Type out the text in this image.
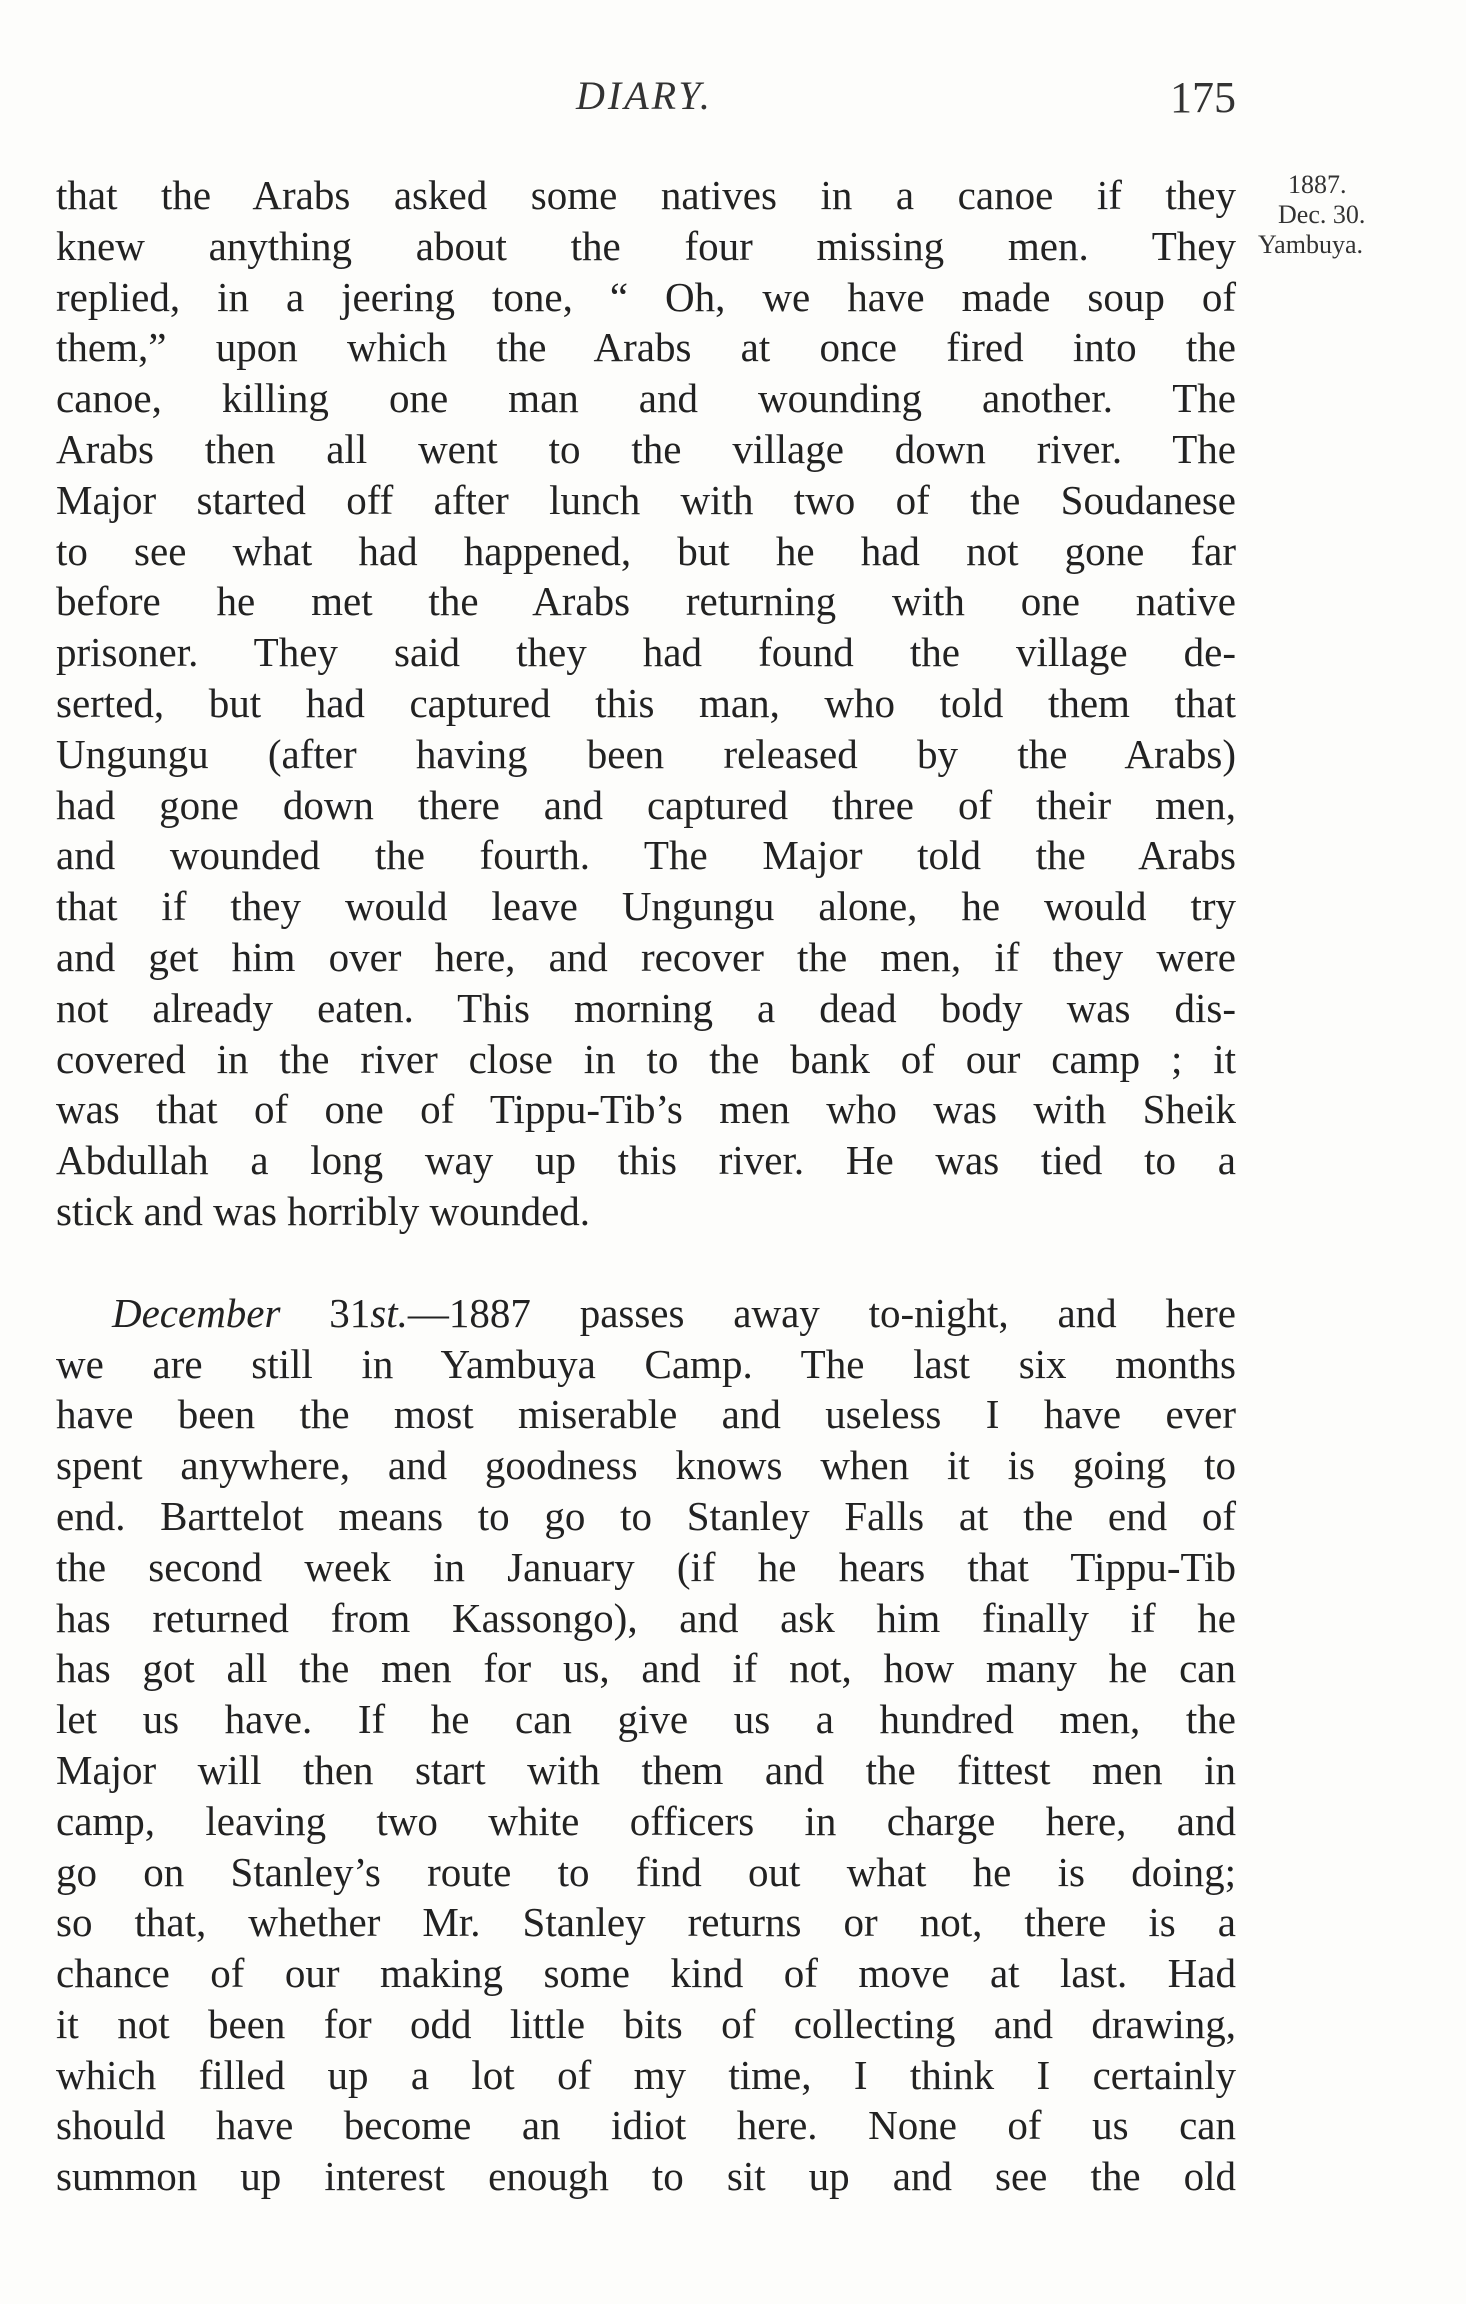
DIARY.	175
1887.
Dec. 30.
Yambuya.
that the Arabs asked some natives in a canoe if they
knew anything about the four missing men. They
replied, in a jeering tone, “ Oh, we have made soup of
them,” upon which the Arabs at once fired into the
canoe, killing one man and wounding another. The
Arabs then all went to the village down river. The
Major started off after lunch with two of the Soudanese
to see what had happened, but he had not gone far
before he met the Arabs returning with one native
prisoner. They said they had found the village de-
serted, but had captured this man, who told them that
Ungungu (after having been released by the Arabs)
had gone down there and captured three of their men,
and wounded the fourth. The Major told the Arabs
that if they would leave Ungungu alone, he would try
and get him over here, and recover the men, if they were
not already eaten. This morning a dead body was dis-
covered in the river close in to the bank of our camp ; it
was that of one of Tippu-Tib’s men who was with Sheik
Abdullah a long way up this river. He was tied to a
stick and was horribly wounded.
December 31st.—1887 passes away to-night, and here
we are still in Yambuya Camp. The last six months
have been the most miserable and useless I have ever
spent anywhere, and goodness knows when it is going to
end. Barttelot means to go to Stanley Falls at the end of
the second week in January (if he hears that Tippu-Tib
has returned from Kassongo), and ask him finally if he
has got all the men for us, and if not, how many he can
let us have. If he can give us a hundred men, the
Major will then start with them and the fittest men in
camp, leaving two white officers in charge here, and
go on Stanley’s route to find out what he is doing;
so that, whether Mr. Stanley returns or not, there is a
chance of our making some kind of move at last. Had
it not been for odd little bits of collecting and drawing,
which filled up a lot of my time, I think I certainly
should have become an idiot here. None of us can
summon up interest enough to sit up and see the old
